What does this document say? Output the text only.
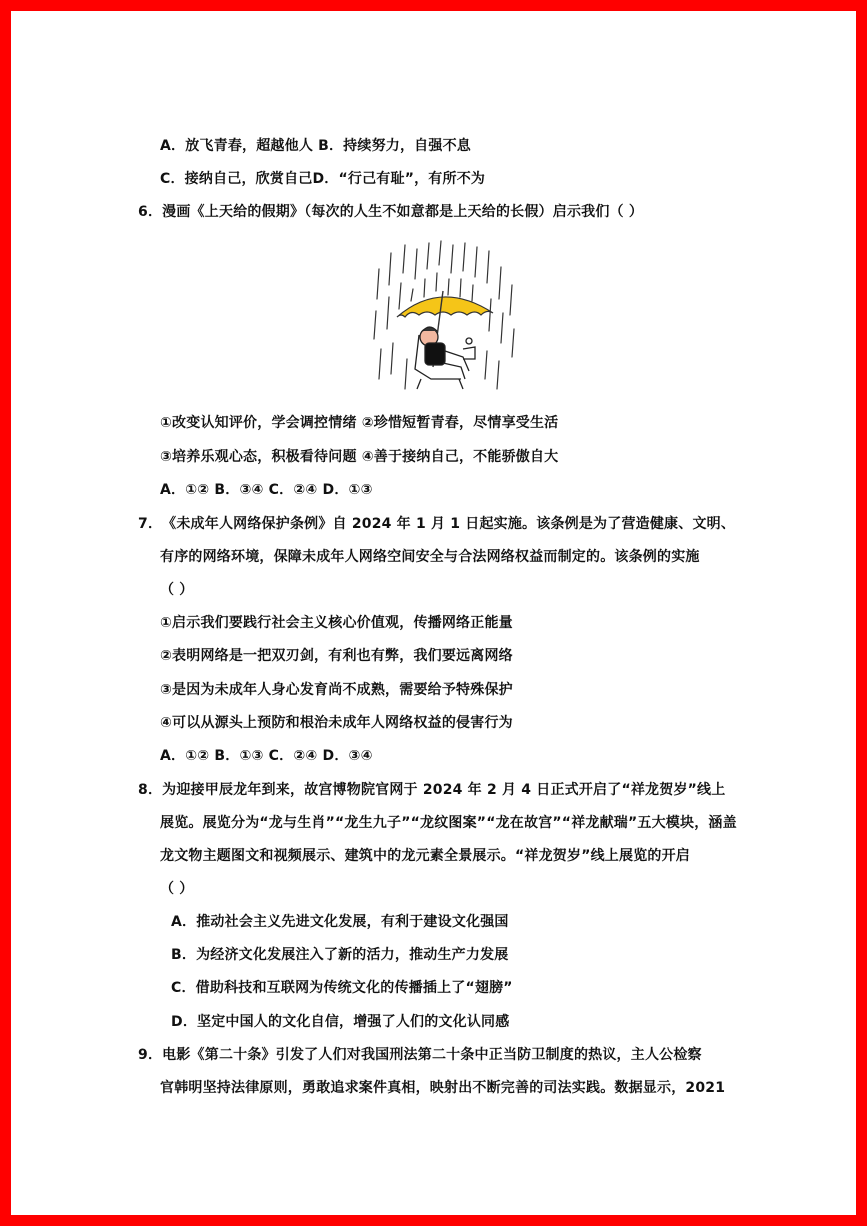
A．放飞青春，超越他人 B．持续努力，自强不息
C．接纳自己，欣赏自己D．“行己有耻”，有所不为
6．漫画《上天给的假期》（每次的人生不如意都是上天给的长假）启示我们（ ）
①改变认知评价，学会调控情绪 ②珍惜短暂青春，尽情享受生活
③培养乐观心态，积极看待问题 ④善于接纳自己，不能骄傲自大
A．①② B．③④ C．②④ D．①③
7．《未成年人网络保护条例》自 2024 年 1 月 1 日起实施。该条例是为了营造健康、文明、
有序的网络环境，保障未成年人网络空间安全与合法网络权益而制定的。该条例的实施
（ ）
①启示我们要践行社会主义核心价值观，传播网络正能量
②表明网络是一把双刃剑，有利也有弊，我们要远离网络
③是因为未成年人身心发育尚不成熟，需要给予特殊保护
④可以从源头上预防和根治未成年人网络权益的侵害行为
A．①② B．①③ C．②④ D．③④
8．为迎接甲辰龙年到来，故宫博物院官网于 2024 年 2 月 4 日正式开启了“祥龙贺岁”线上
展览。展览分为“龙与生肖”“龙生九子”“龙纹图案”“龙在故宫”“祥龙献瑞”五大模块，涵盖
龙文物主题图文和视频展示、建筑中的龙元素全景展示。“祥龙贺岁”线上展览的开启
（ ）
A．推动社会主义先进文化发展，有利于建设文化强国
B．为经济文化发展注入了新的活力，推动生产力发展
C．借助科技和互联网为传统文化的传播插上了“翅膀”
D．坚定中国人的文化自信，增强了人们的文化认同感
9．电影《第二十条》引发了人们对我国刑法第二十条中正当防卫制度的热议，主人公检察
官韩明坚持法律原则，勇敢追求案件真相，映射出不断完善的司法实践。数据显示，2021
